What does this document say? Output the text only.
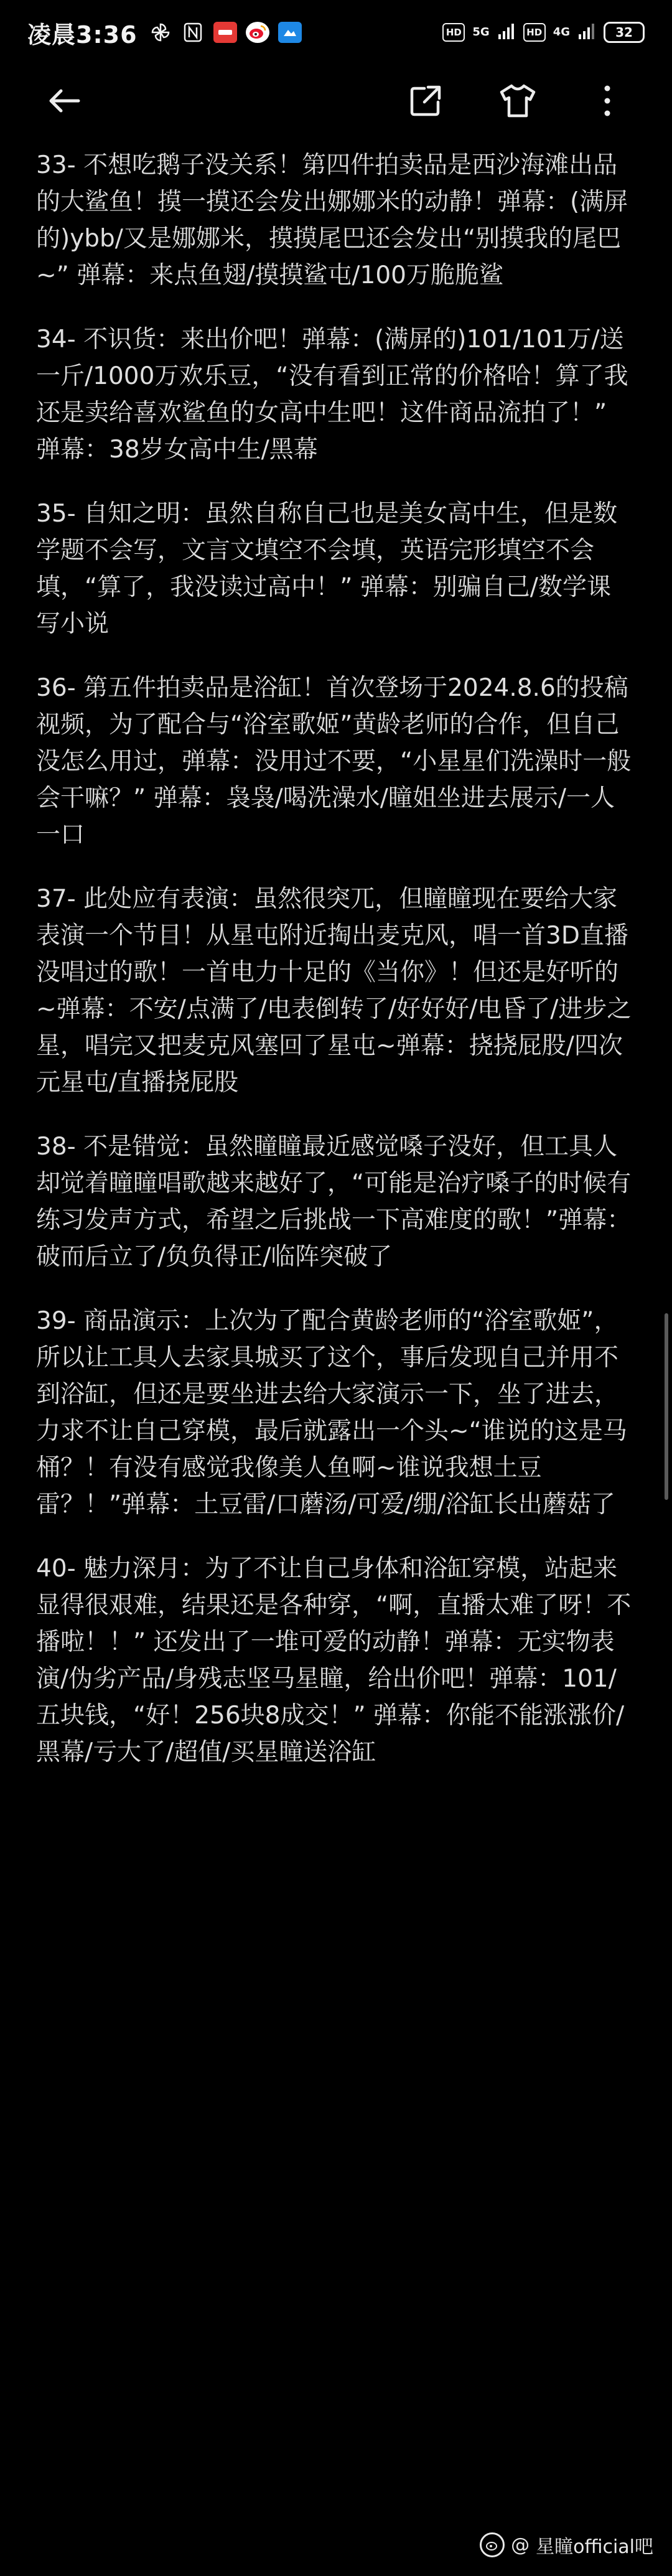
凌晨3:36	HD 5G	HD 4G	32

33- 不想吃鹅子没关系！第四件拍卖品是西沙海滩出品的大鲨鱼！摸一摸还会发出娜娜米的动静！弹幕：(满屏的)ybb/又是娜娜米，摸摸尾巴还会发出“别摸我的尾巴~” 弹幕：来点鱼翅/摸摸鲨屯/100万脆脆鲨

34- 不识货：来出价吧！弹幕：(满屏的)101/101万/送一斤/1000万欢乐豆，“没有看到正常的价格哈！算了我还是卖给喜欢鲨鱼的女高中生吧！这件商品流拍了！” 弹幕：38岁女高中生/黑幕

35- 自知之明：虽然自称自己也是美女高中生，但是数学题不会写，文言文填空不会填，英语完形填空不会填，“算了，我没读过高中！” 弹幕：别骗自己/数学课写小说

36- 第五件拍卖品是浴缸！首次登场于2024.8.6的投稿视频，为了配合与“浴室歌姬”黄龄老师的合作，但自己没怎么用过，弹幕：没用过不要，“小星星们洗澡时一般会干嘛？” 弹幕：袅袅/喝洗澡水/瞳姐坐进去展示/一人一口

37- 此处应有表演：虽然很突兀，但瞳瞳现在要给大家表演一个节目！从星屯附近掏出麦克风，唱一首3D直播没唱过的歌！一首电力十足的《当你》！但还是好听的~弹幕：不安/点满了/电表倒转了/好好好/电昏了/进步之星，唱完又把麦克风塞回了星屯~弹幕：挠挠屁股/四次元星屯/直播挠屁股

38- 不是错觉：虽然瞳瞳最近感觉嗓子没好，但工具人却觉着瞳瞳唱歌越来越好了，“可能是治疗嗓子的时候有练习发声方式，希望之后挑战一下高难度的歌！”弹幕：破而后立了/负负得正/临阵突破了

39- 商品演示：上次为了配合黄龄老师的“浴室歌姬”，所以让工具人去家具城买了这个，事后发现自己并用不到浴缸，但还是要坐进去给大家演示一下，坐了进去，力求不让自己穿模，最后就露出一个头~“谁说的这是马桶？！有没有感觉我像美人鱼啊~谁说我想土豆雷？！”弹幕：土豆雷/口蘑汤/可爱/绷/浴缸长出蘑菇了

40- 魅力深月：为了不让自己身体和浴缸穿模，站起来显得很艰难，结果还是各种穿，“啊，直播太难了呀！不播啦！！” 还发出了一堆可爱的动静！弹幕：无实物表演/伪劣产品/身残志坚马星瞳，给出价吧！弹幕：101/五块钱，“好！256块8成交！” 弹幕：你能不能涨涨价/黑幕/亏大了/超值/买星瞳送浴缸

@ 星瞳official吧
